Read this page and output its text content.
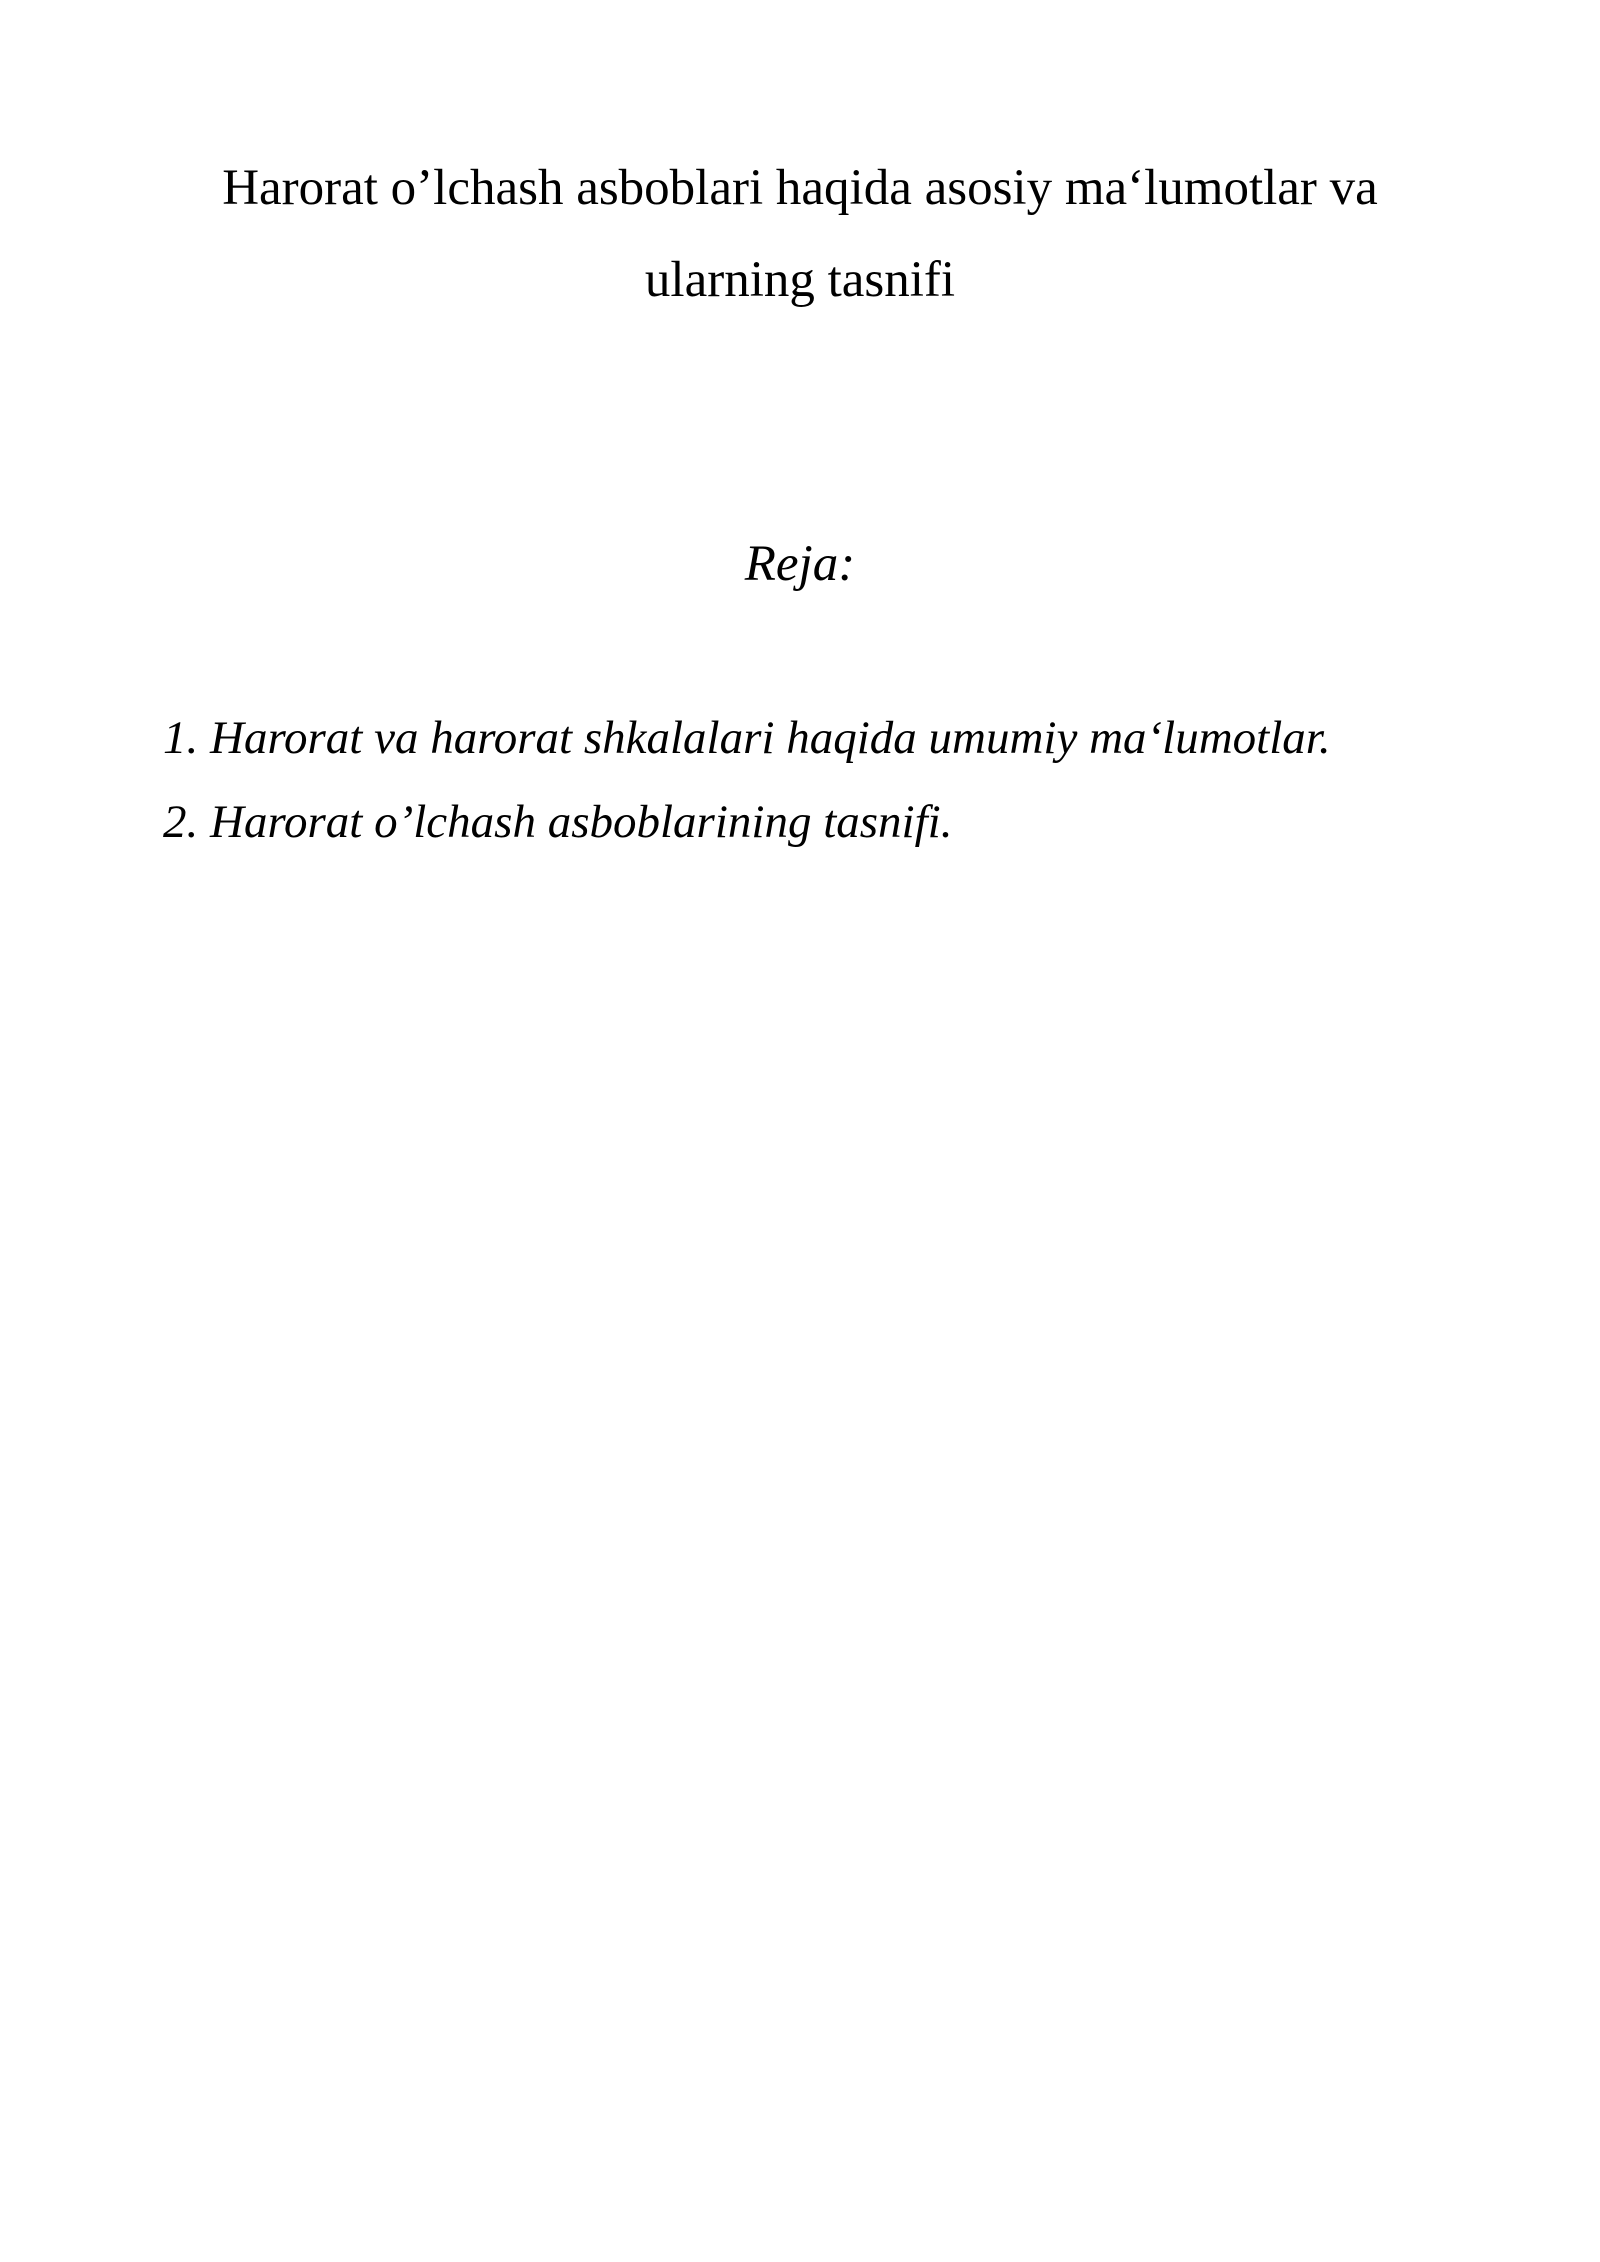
Harorat o’lchash asboblari haqida asosiy ma‘lumotlar va
ularning tasnifi
Reja:
1. Harorat va harorat shkalalari haqida umumiy ma‘lumotlar.
2. Harorat o’lchash asboblarining tasnifi.
